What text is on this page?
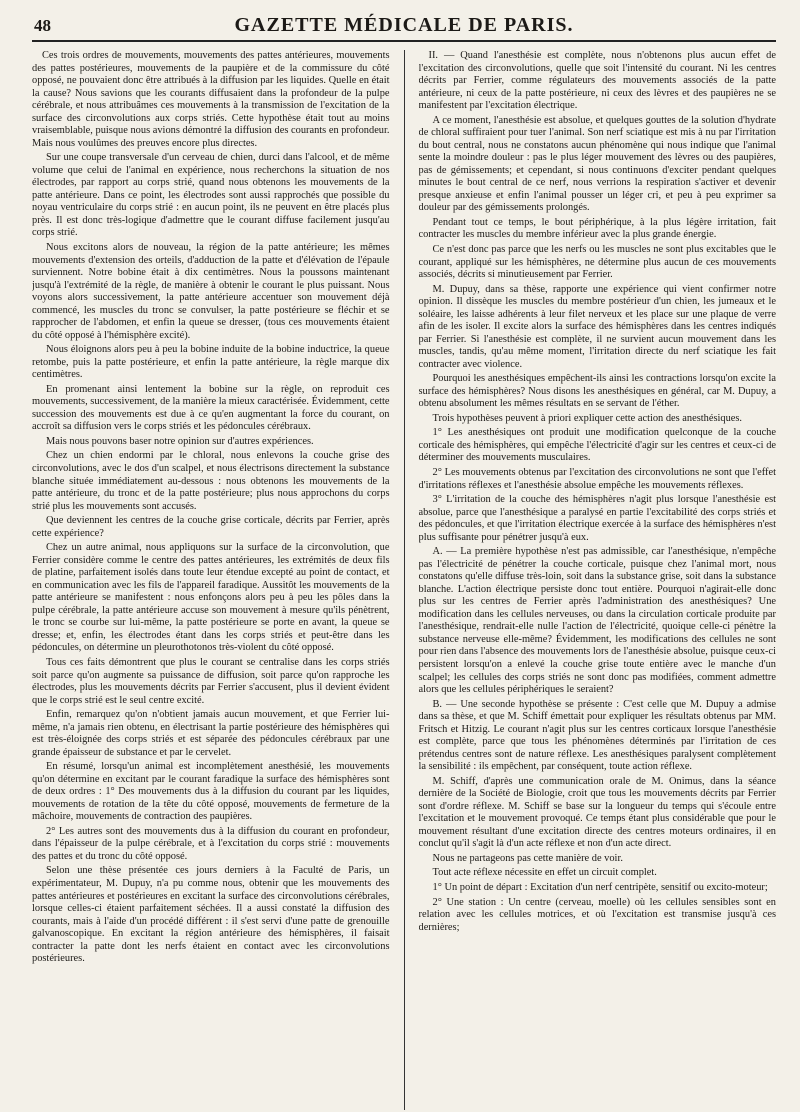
48	GAZETTE MÉDICALE DE PARIS.

Ces trois ordres de mouvements, mouvements des pattes antérieures, mouvements des pattes postérieures, mouvements de la paupière et de la commissure du côté opposé, ne pouvaient donc être attribués à la diffusion par les liquides. Quelle en était la cause? Nous savions que les courants diffusaient dans la profondeur de la pulpe cérébrale, et nous attribuâmes ces mouvements à la transmission de l'excitation de la surface des circonvolutions aux corps striés. Cette hypothèse était tout au moins vraisemblable, puisque nous avions démontré la diffusion des courants en profondeur. Mais nous voulûmes des preuves encore plus directes.

Sur une coupe transversale d'un cerveau de chien, durci dans l'alcool, et de même volume que celui de l'animal en expérience, nous recherchons la situation de nos électrodes, par rapport au corps strié, quand nous obtenons les mouvements de la patte antérieure. Dans ce point, les électrodes sont aussi rapprochés que possible du noyau ventriculaire du corps strié : en aucun point, ils ne peuvent en être placés plus près. Il est donc très-logique d'admettre que le courant diffuse facilement jusqu'au corps strié.

Nous excitons alors de nouveau, la région de la patte antérieure; les mêmes mouvements d'extension des orteils, d'adduction de la patte et d'élévation de l'épaule surviennent. Notre bobine était à dix centimètres. Nous la poussons maintenant jusqu'à l'extrémité de la règle, de manière à obtenir le courant le plus puissant. Nous voyons alors successivement, la patte antérieure accentuer son mouvement déjà commencé, les muscles du tronc se convulser, la patte postérieure se fléchir et se rapprocher de l'abdomen, et enfin la queue se dresser, (tous ces mouvements étaient du côté opposé à l'hémisphère excité).

Nous éloignons alors peu à peu la bobine induite de la bobine inductrice, la queue retombe, puis la patte postérieure, et enfin la patte antérieure, la règle marque dix centimètres.

En promenant ainsi lentement la bobine sur la règle, on reproduit ces mouvements, successivement, de la manière la mieux caractérisée. Évidemment, cette succession des mouvements est due à ce qu'en augmentant la force du courant, on accroît sa diffusion vers le corps striés et les pédoncules cérébraux.

Mais nous pouvons baser notre opinion sur d'autres expériences.

Chez un chien endormi par le chloral, nous enlevons la couche grise des circonvolutions, avec le dos d'un scalpel, et nous électrisons directement la substance blanche située immédiatement au-dessous : nous obtenons les mouvements de la patte antérieure, du tronc et de la patte postérieure; plus nous approchons du corps strié plus les mouvements sont accusés.

Que deviennent les centres de la couche grise corticale, décrits par Ferrier, après cette expérience?

Chez un autre animal, nous appliquons sur la surface de la circonvolution, que Ferrier considère comme le centre des pattes antérieures, les extrémités de deux fils de platine, parfaitement isolés dans toute leur étendue excepté au point de contact, et en communication avec les fils de l'appareil faradique. Aussitôt les mouvements de la patte antérieure se manifestent : nous enfonçons alors peu à peu les pôles dans la pulpe cérébrale, la patte antérieure accuse son mouvement à mesure qu'ils pénètrent, le tronc se courbe sur lui-même, la patte postérieure se porte en avant, la queue se dresse; et, enfin, les électrodes étant dans les corps striés et peut-être dans les pédoncules, on détermine un pleurothotonos très-violent du côté opposé.

Tous ces faits démontrent que plus le courant se centralise dans les corps striés soit parce qu'on augmente sa puissance de diffusion, soit parce qu'on rapproche les électrodes, plus les mouvements décrits par Ferrier s'accusent, plus il devient évident que le corps strié est le seul centre excité.

Enfin, remarquez qu'on n'obtient jamais aucun mouvement, et que Ferrier lui-même, n'a jamais rien obtenu, en électrisant la partie postérieure des hémisphères qui est très-éloignée des corps striés et est séparée des pédoncules cérébraux par une grande épaisseur de substance et par le cervelet.

En résumé, lorsqu'un animal est incomplètement anesthésié, les mouvements qu'on détermine en excitant par le courant faradique la surface des hémisphères sont de deux ordres : 1° Des mouvements dus à la diffusion du courant par les liquides, mouvements de rotation de la tête du côté opposé, mouvements de fermeture de la mâchoire, mouvements de contraction des paupières.

2° Les autres sont des mouvements dus à la diffusion du courant en profondeur, dans l'épaisseur de la pulpe cérébrale, et à l'excitation du corps strié : mouvements des pattes et du tronc du côté opposé.

Selon une thèse présentée ces jours derniers à la Faculté de Paris, un expérimentateur, M. Dupuy, n'a pu comme nous, obtenir que les mouvements des pattes antérieures et postérieures en excitant la surface des circonvolutions cérébrales, lorsque celles-ci étaient parfaitement séchées. Il a aussi constaté la diffusion des courants, mais à l'aide d'un procédé différent : il s'est servi d'une patte de grenouille galvanoscopique. En excitant la région antérieure des hémisphères, il faisait contracter la patte dont les nerfs étaient en contact avec les circonvolutions postérieures.

II. — Quand l'anesthésie est complète, nous n'obtenons plus aucun effet de l'excitation des circonvolutions, quelle que soit l'intensité du courant. Ni les centres décrits par Ferrier, comme régulateurs des mouvements associés de la patte antérieure, ni ceux de la patte postérieure, ni ceux des lèvres et des paupières ne se manifestent par l'excitation électrique.

A ce moment, l'anesthésie est absolue, et quelques gouttes de la solution d'hydrate de chloral suffiraient pour tuer l'animal. Son nerf sciatique est mis à nu par l'irritation du bout central, nous ne constatons aucun phénomène qui nous indique que l'animal sente la moindre douleur : pas le plus léger mouvement des lèvres ou des paupières, pas de gémissements; et cependant, si nous continuons d'exciter pendant quelques minutes le bout central de ce nerf, nous verrions la respiration s'activer et devenir presque anxieuse et enfin l'animal pousser un léger cri, et peu à peu exprimer sa douleur par des gémissements prolongés.

Pendant tout ce temps, le bout périphérique, à la plus légère irritation, fait contracter les muscles du membre inférieur avec la plus grande énergie.

Ce n'est donc pas parce que les nerfs ou les muscles ne sont plus excitables que le courant, appliqué sur les hémisphères, ne détermine plus aucun de ces mouvements associés, décrits si minutieusement par Ferrier.

M. Dupuy, dans sa thèse, rapporte une expérience qui vient confirmer notre opinion. Il dissèque les muscles du membre postérieur d'un chien, les jumeaux et le soléaire, les laisse adhérents à leur filet nerveux et les place sur une plaque de verre afin de les isoler. Il excite alors la surface des hémisphères dans les centres indiqués par Ferrier. Si l'anesthésie est complète, il ne survient aucun mouvement dans les muscles, tandis, qu'au même moment, l'irritation directe du nerf sciatique les fait contracter avec violence.

Pourquoi les anesthésiques empêchent-ils ainsi les contractions lorsqu'on excite la surface des hémisphères? Nous disons les anesthésiques en général, car M. Dupuy, a obtenu absolument les mêmes résultats en se servant de l'éther.

Trois hypothèses peuvent à priori expliquer cette action des anesthésiques.

1° Les anesthésiques ont produit une modification quelconque de la couche corticale des hémisphères, qui empêche l'électricité d'agir sur les centres et ceux-ci de déterminer des mouvements musculaires.

2° Les mouvements obtenus par l'excitation des circonvolutions ne sont que l'effet d'irritations réflexes et l'anesthésie absolue empêche les mouvements réflexes.

3° L'irritation de la couche des hémisphères n'agit plus lorsque l'anesthésie est absolue, parce que l'anesthésique a paralysé en partie l'excitabilité des corps striés et des pédoncules, et que l'irritation électrique exercée à la surface des hémisphères n'est plus suffisante pour pénétrer jusqu'à eux.

A. — La première hypothèse n'est pas admissible, car l'anesthésique, n'empêche pas l'électricité de pénétrer la couche corticale, puisque chez l'animal mort, nous constatons qu'elle diffuse très-loin, soit dans la substance grise, soit dans la substance blanche. L'action électrique persiste donc tout entière. Pourquoi n'agirait-elle donc plus sur les centres de Ferrier après l'administration des anesthésiques? Une modification dans les cellules nerveuses, ou dans la circulation corticale produite par l'anesthésique, rendrait-elle nulle l'action de l'électricité, quoique celle-ci pénètre la substance nerveuse elle-même? Évidemment, les modifications des cellules ne sont pour rien dans l'absence des mouvements lors de l'anesthésie absolue, puisque ceux-ci persistent lorsqu'on a enlevé la couche grise toute entière avec le manche d'un scalpel; les cellules des corps striés ne sont donc pas modifiées, comment admettre alors que les cellules périphériques le seraient?

B. — Une seconde hypothèse se présente : C'est celle que M. Dupuy a admise dans sa thèse, et que M. Schiff émettait pour expliquer les résultats obtenus par MM. Fritsch et Hitzig. Le courant n'agit plus sur les centres corticaux lorsque l'anesthésie est complète, parce que tous les phénomènes déterminés par l'irritation de ces prétendus centres sont de nature réflexe. Les anesthésiques paralysent complètement la sensibilité : ils empêchent, par conséquent, toute action réflexe.

M. Schiff, d'après une communication orale de M. Onimus, dans la séance dernière de la Société de Biologie, croit que tous les mouvements décrits par Ferrier sont d'ordre réflexe. M. Schiff se base sur la longueur du temps qui s'écoule entre l'excitation et le mouvement provoqué. Ce temps étant plus considérable que pour le mouvement résultant d'une excitation directe des centres moteurs ordinaires, il en conclut qu'il s'agit là d'un acte réflexe et non d'un acte direct.

Nous ne partageons pas cette manière de voir.

Tout acte réflexe nécessite en effet un circuit complet.

1° Un point de départ : Excitation d'un nerf centripète, sensitif ou excito-moteur;

2° Une station : Un centre (cerveau, moelle) où les cellules sensibles sont en relation avec les cellules motrices, et où l'excitation est transmise jusqu'à ces dernières;
